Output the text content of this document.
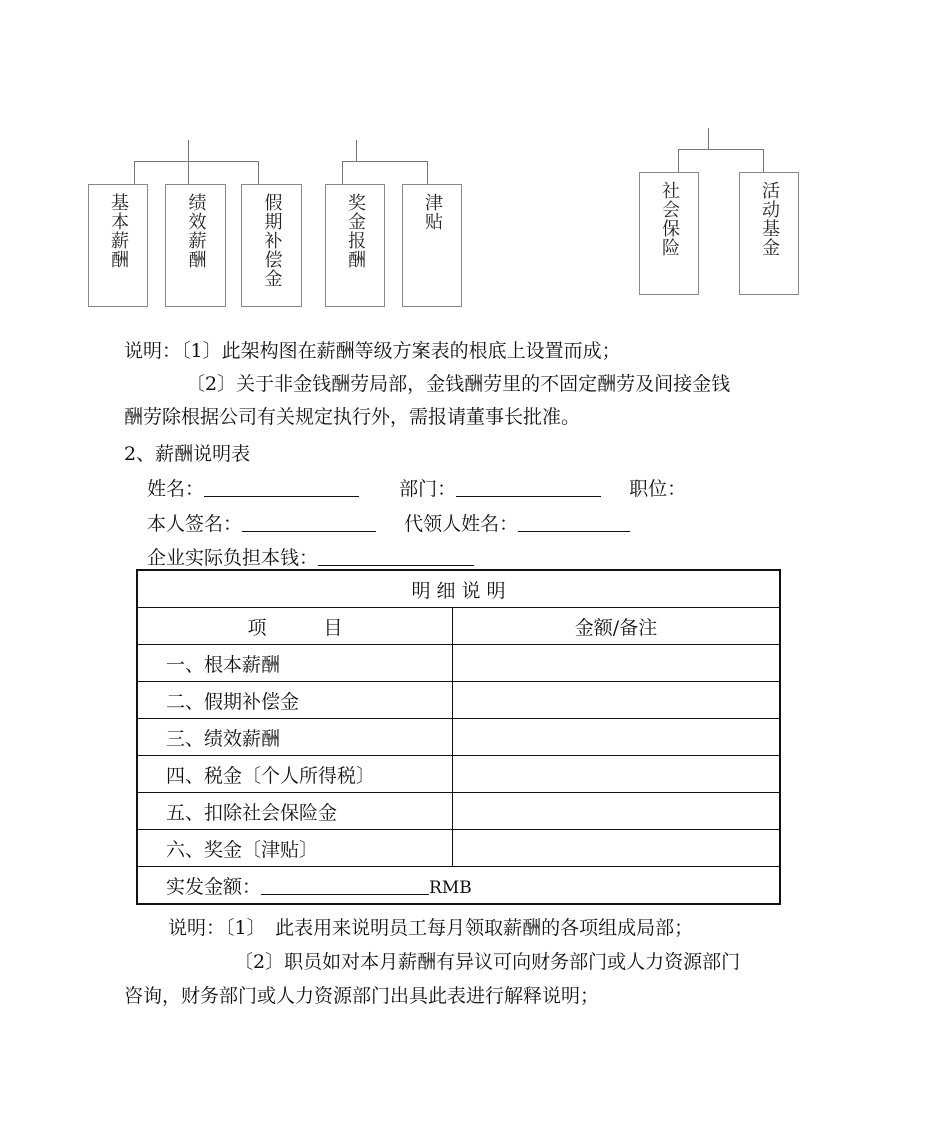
基本薪酬	绩效薪酬	假期补偿金	奖金报酬	津贴	社会保险	活动基金
说明：〔1〕此架构图在薪酬等级方案表的根底上设置而成；
〔2〕关于非金钱酬劳局部，金钱酬劳里的不固定酬劳及间接金钱
酬劳除根据公司有关规定执行外，需报请董事长批准。
2、薪酬说明表
姓名：	部门：	职位：
本人签名：	代领人姓名：
企业实际负担本钱：
明 细 说 明	
项　　　目	金额/备注
一、根本薪酬	
二、假期补偿金	
三、绩效薪酬	
四、税金〔个人所得税〕	
五、扣除社会保险金	
六、奖金〔津贴〕	
实发金额： RMB	
说明：〔1〕　此表用来说明员工每月领取薪酬的各项组成局部；
〔2〕职员如对本月薪酬有异议可向财务部门或人力资源部门
咨询，财务部门或人力资源部门出具此表进行解释说明；
